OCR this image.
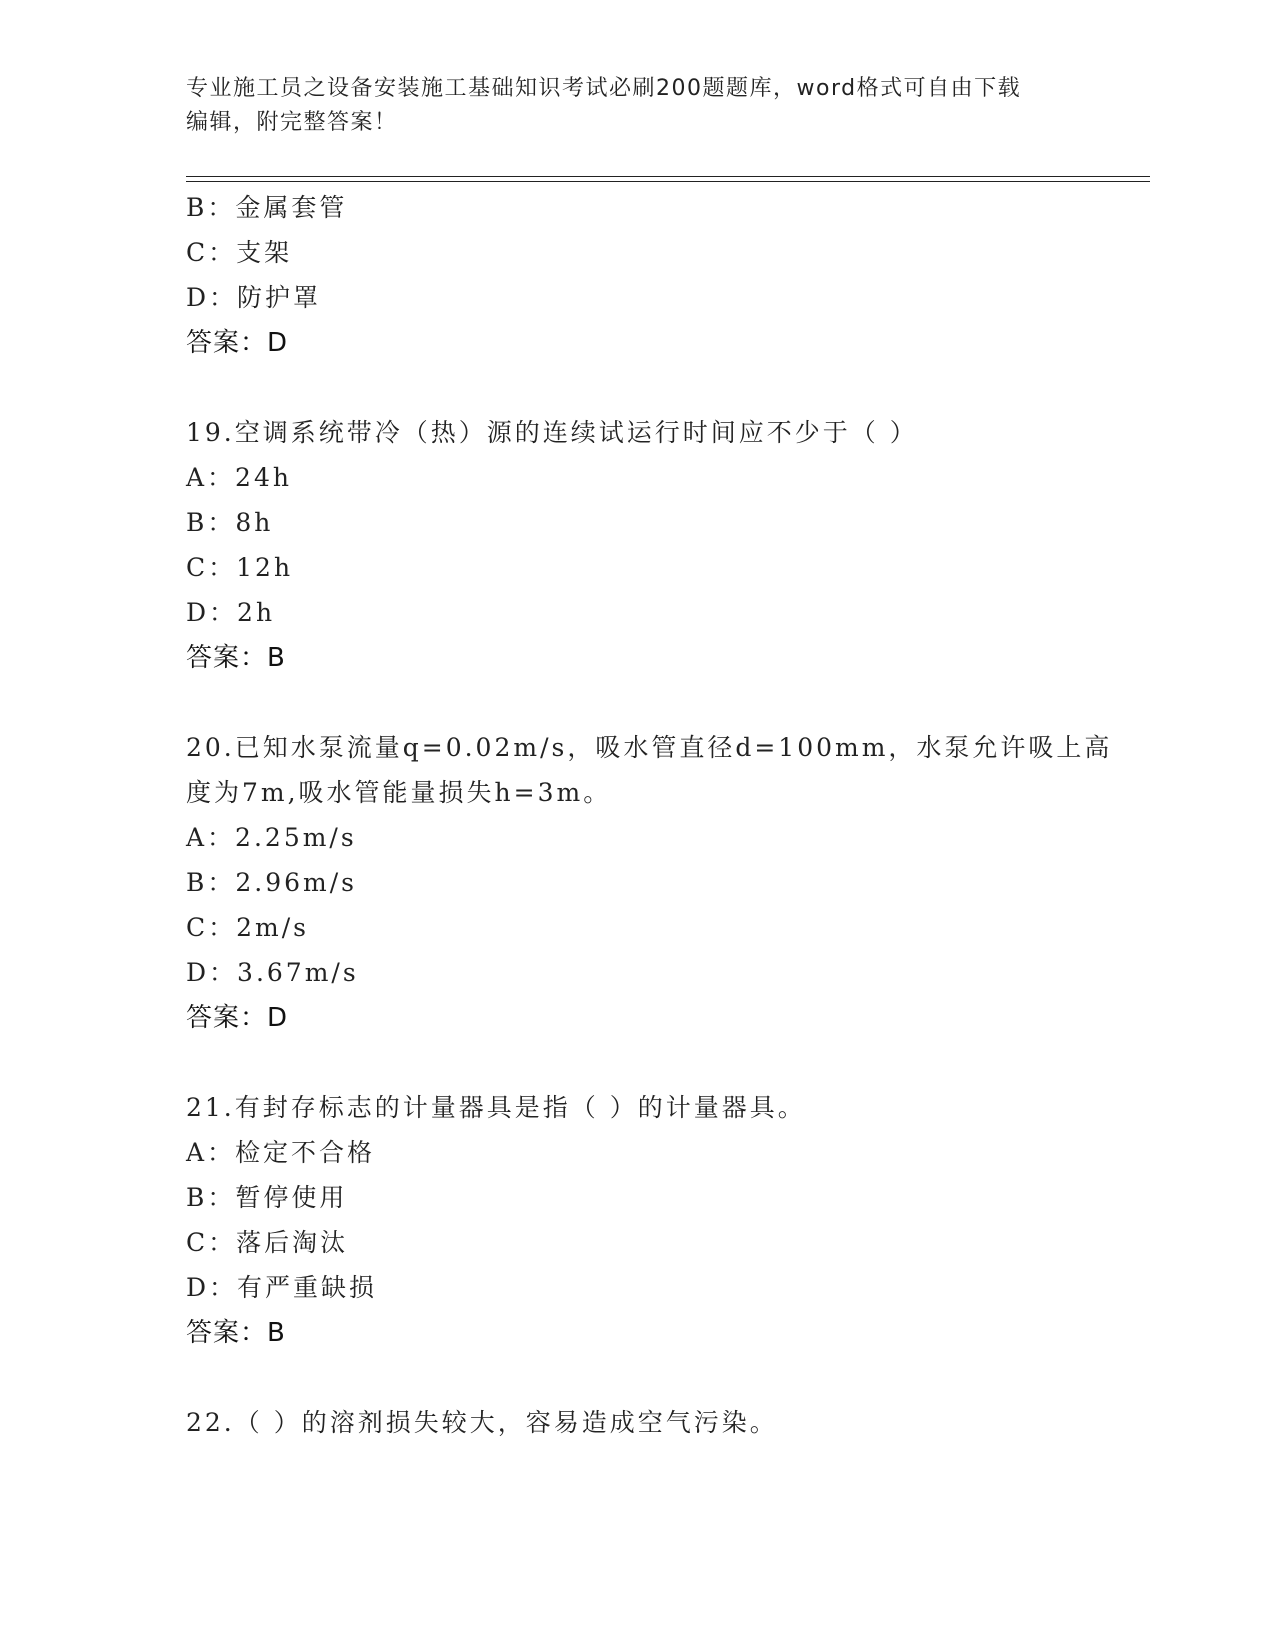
专业施工员之设备安装施工基础知识考试必刷200题题库，word格式可自由下载
编辑，附完整答案！
B：金属套管
C：支架
D：防护罩
答案：D
19.空调系统带冷（热）源的连续试运行时间应不少于（ ）
A：24h
B：8h
C：12h
D：2h
答案：B
20.已知水泵流量q=0.02m/s，吸水管直径d=100mm，水泵允许吸上高
度为7m,吸水管能量损失h=3m。
A：2.25m/s
B：2.96m/s
C：2m/s
D：3.67m/s
答案：D
21.有封存标志的计量器具是指（ ）的计量器具。
A：检定不合格
B：暂停使用
C：落后淘汰
D：有严重缺损
答案：B
22.（ ）的溶剂损失较大，容易造成空气污染。
